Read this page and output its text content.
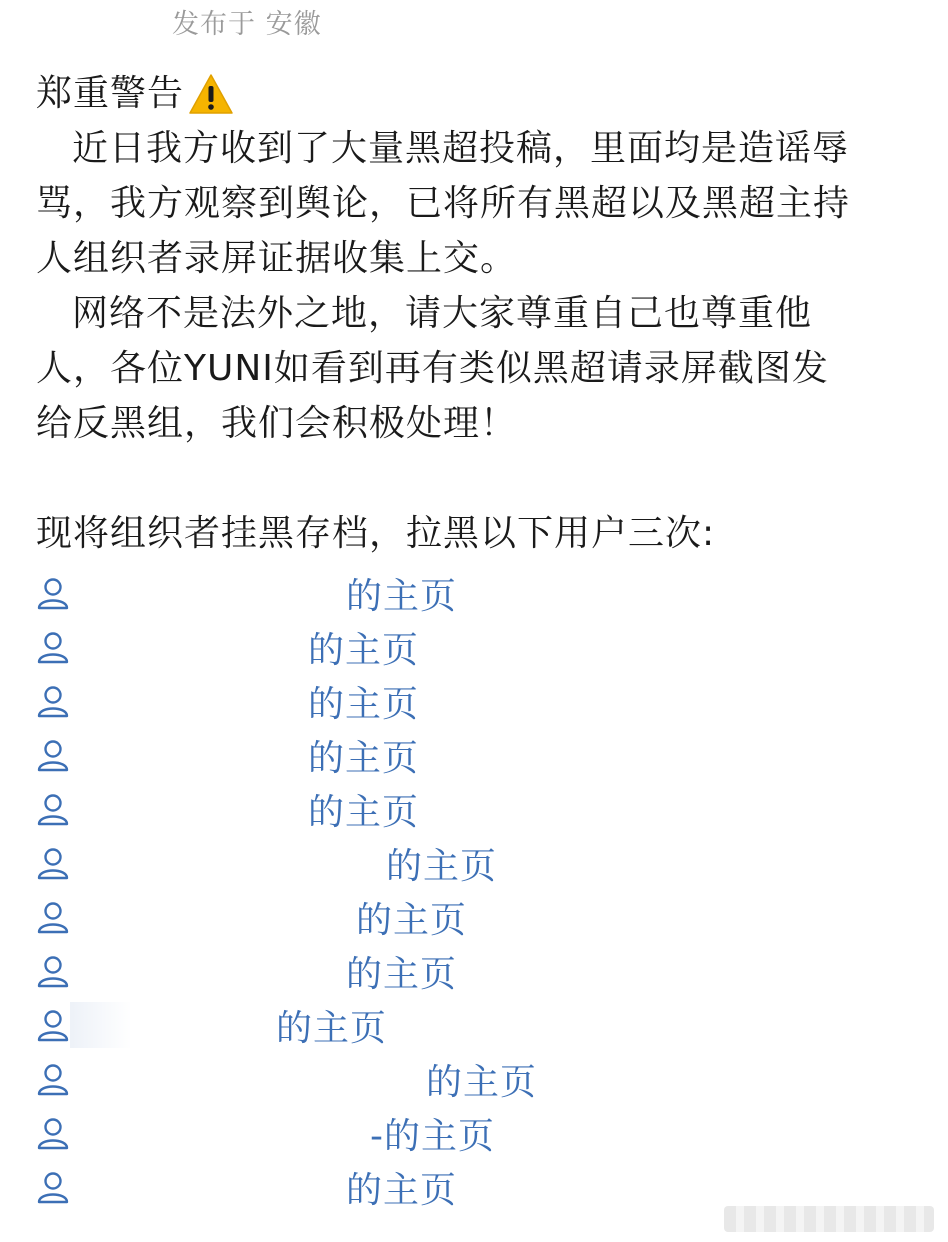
发布于 安徽
郑重警告
近日我方收到了大量黑超投稿，里面均是造谣辱
骂，我方观察到舆论，已将所有黑超以及黑超主持
人组织者录屏证据收集上交。
网络不是法外之地，请大家尊重自己也尊重他
人，各位YUNI如看到再有类似黑超请录屏截图发
给反黑组，我们会积极处理！
现将组织者挂黑存档，拉黑以下用户三次:
的主页
的主页
的主页
的主页
的主页
的主页
的主页
的主页
的主页
的主页
-的主页
的主页
